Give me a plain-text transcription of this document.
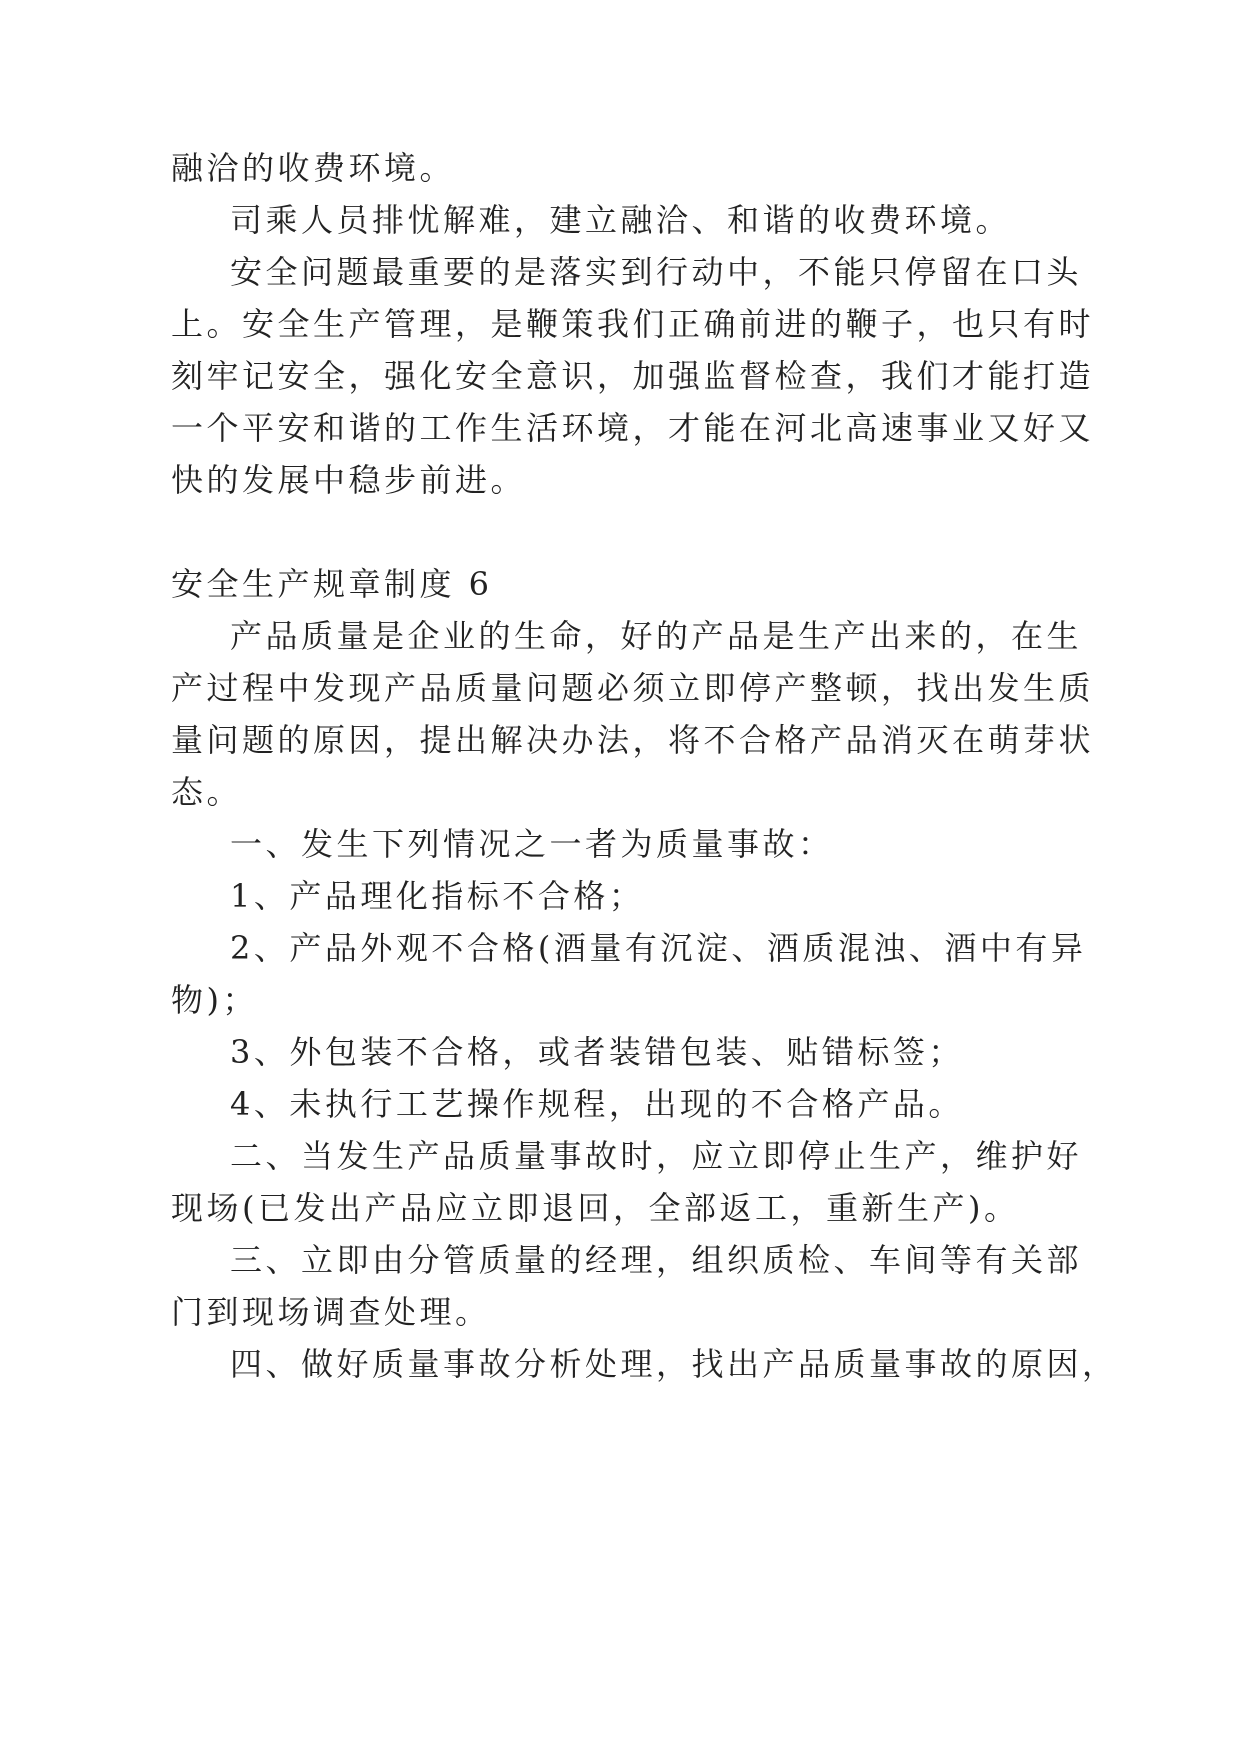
融洽的收费环境。
司乘人员排忧解难，建立融洽、和谐的收费环境。
安全问题最重要的是落实到行动中，不能只停留在口头
上。安全生产管理，是鞭策我们正确前进的鞭子，也只有时
刻牢记安全，强化安全意识，加强监督检查，我们才能打造
一个平安和谐的工作生活环境，才能在河北高速事业又好又
快的发展中稳步前进。
安全生产规章制度 6
产品质量是企业的生命，好的产品是生产出来的，在生
产过程中发现产品质量问题必须立即停产整顿，找出发生质
量问题的原因，提出解决办法，将不合格产品消灭在萌芽状
态。
一、发生下列情况之一者为质量事故：
1、产品理化指标不合格；
2、产品外观不合格(酒量有沉淀、酒质混浊、酒中有异
物)；
3、外包装不合格，或者装错包装、贴错标签；
4、未执行工艺操作规程，出现的不合格产品。
二、当发生产品质量事故时，应立即停止生产，维护好
现场(已发出产品应立即退回，全部返工，重新生产)。
三、立即由分管质量的经理，组织质检、车间等有关部
门到现场调查处理。
四、做好质量事故分析处理，找出产品质量事故的原因，
